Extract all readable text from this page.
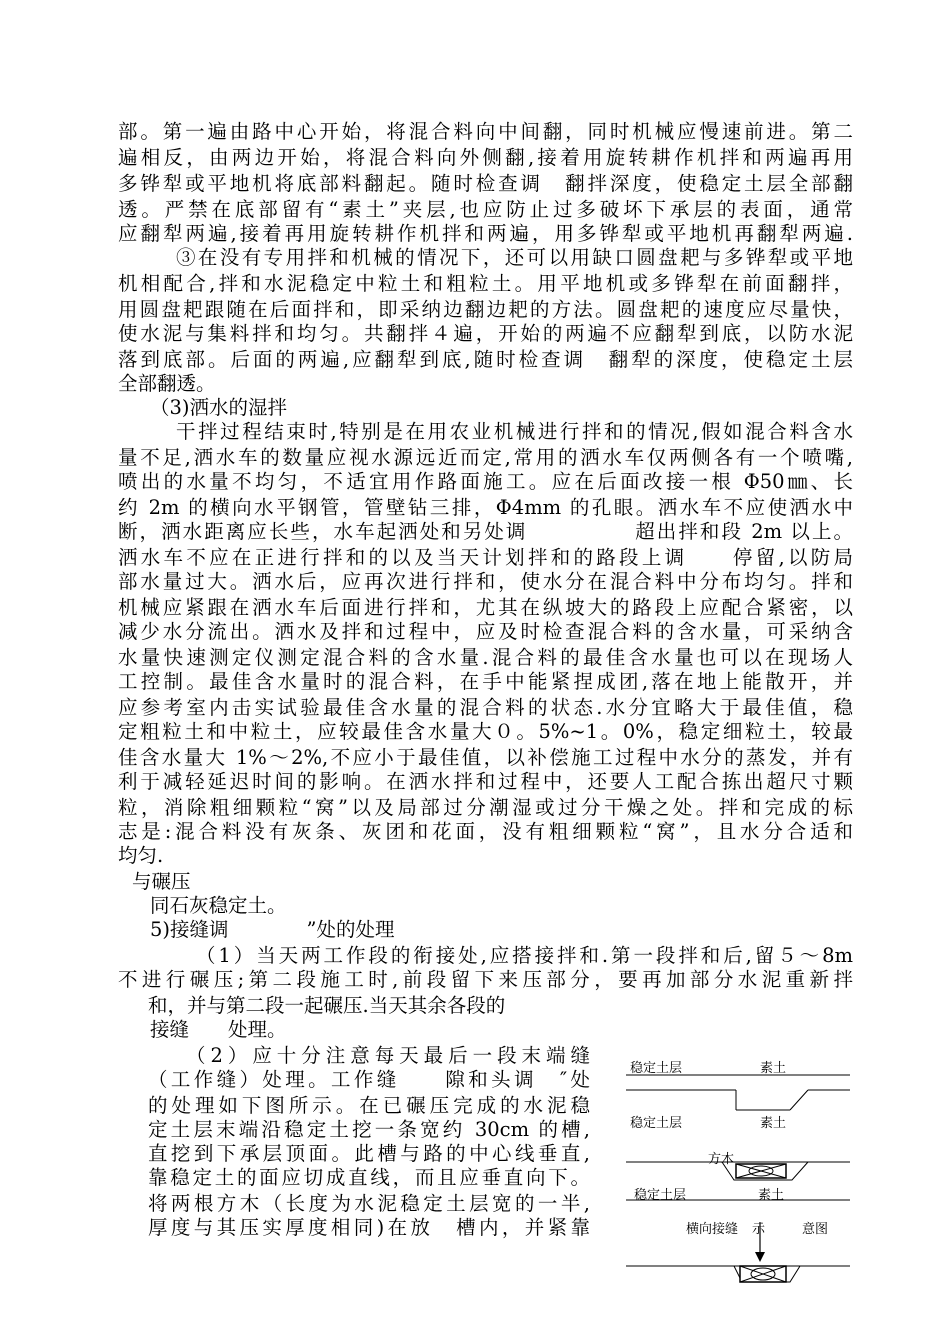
部。第一遍由路中心开始，将混合料向中间翻，同时机械应慢速前进。第二
遍相反，由两边开始，将混合料向外侧翻,接着用旋转耕作机拌和两遍再用
多铧犁或平地机将底部料翻起。随时检查调　翻拌深度，使稳定土层全部翻
透。严禁在底部留有“素土”夹层,也应防止过多破坏下承层的表面，通常
应翻犁两遍,接着再用旋转耕作机拌和两遍，用多铧犁或平地机再翻犁两遍.
③在没有专用拌和机械的情况下，还可以用缺口圆盘耙与多铧犁或平地
机相配合,拌和水泥稳定中粒土和粗粒土。用平地机或多铧犁在前面翻拌，
用圆盘耙跟随在后面拌和，即采纳边翻边耙的方法。圆盘耙的速度应尽量快，
使水泥与集料拌和均匀。共翻拌４遍，开始的两遍不应翻犁到底，以防水泥
落到底部。后面的两遍,应翻犁到底,随时检查调　翻犁的深度，使稳定土层
全部翻透。
（3)洒水的湿拌
干拌过程结束时,特别是在用农业机械进行拌和的情况,假如混合料含水
量不足,洒水车的数量应视水源远近而定,常用的洒水车仅两侧各有一个喷嘴,
喷出的水量不均匀，不适宜用作路面施工。应在后面改接一根 Φ50㎜、长
约 2m 的横向水平钢管，管壁钻三排，Φ4mm 的孔眼。洒水车不应使洒水中
断，洒水距离应长些，水车起洒处和另处调　　　　　超出拌和段 2m 以上。
洒水车不应在正进行拌和的以及当天计划拌和的路段上调　　停留,以防局
部水量过大。洒水后，应再次进行拌和，使水分在混合料中分布均匀。拌和
机械应紧跟在洒水车后面进行拌和，尤其在纵坡大的路段上应配合紧密，以
减少水分流出。洒水及拌和过程中，应及时检查混合料的含水量，可采纳含
水量快速测定仪测定混合料的含水量.混合料的最佳含水量也可以在现场人
工控制。最佳含水量时的混合料，在手中能紧捏成团,落在地上能散开，并
应参考室内击实试验最佳含水量的混合料的状态.水分宜略大于最佳值，稳
定粗粒土和中粒土，应较最佳含水量大０。5%~1。0%，稳定细粒土，较最
佳含水量大 1%～2%,不应小于最佳值，以补偿施工过程中水分的蒸发，并有
利于减轻延迟时间的影响。在洒水拌和过程中，还要人工配合拣出超尺寸颗
粒，消除粗细颗粒“窝”以及局部过分潮湿或过分干燥之处。拌和完成的标
志是:混合料没有灰条、灰团和花面，没有粗细颗粒“窝”，且水分合适和
均匀.
与碾压
同石灰稳定土。
5)接缝调　　　　”处的处理
（1）当天两工作段的衔接处,应搭接拌和.第一段拌和后,留５～8m
不进行碾压;第二段施工时,前段留下来压部分，要再加部分水泥重新拌
和，并与第二段一起碾压.当天其余各段的
接缝　　处理。
（2）应十分注意每天最后一段末端缝
（工作缝）处理。工作缝　　隙和头调　″处
的处理如下图所示。在已碾压完成的水泥稳
定土层末端沿稳定土挖一条宽约 30cm 的槽,
直挖到下承层顶面。此槽与路的中心线垂直,
靠稳定土的面应切成直线，而且应垂直向下。
将两根方木（长度为水泥稳定土层宽的一半,
厚度与其压实厚度相同)在放　槽内，并紧靠
稳定土层	素土
稳定土层	素土
方木
稳定土层	素土
横向接缝 示	意图
